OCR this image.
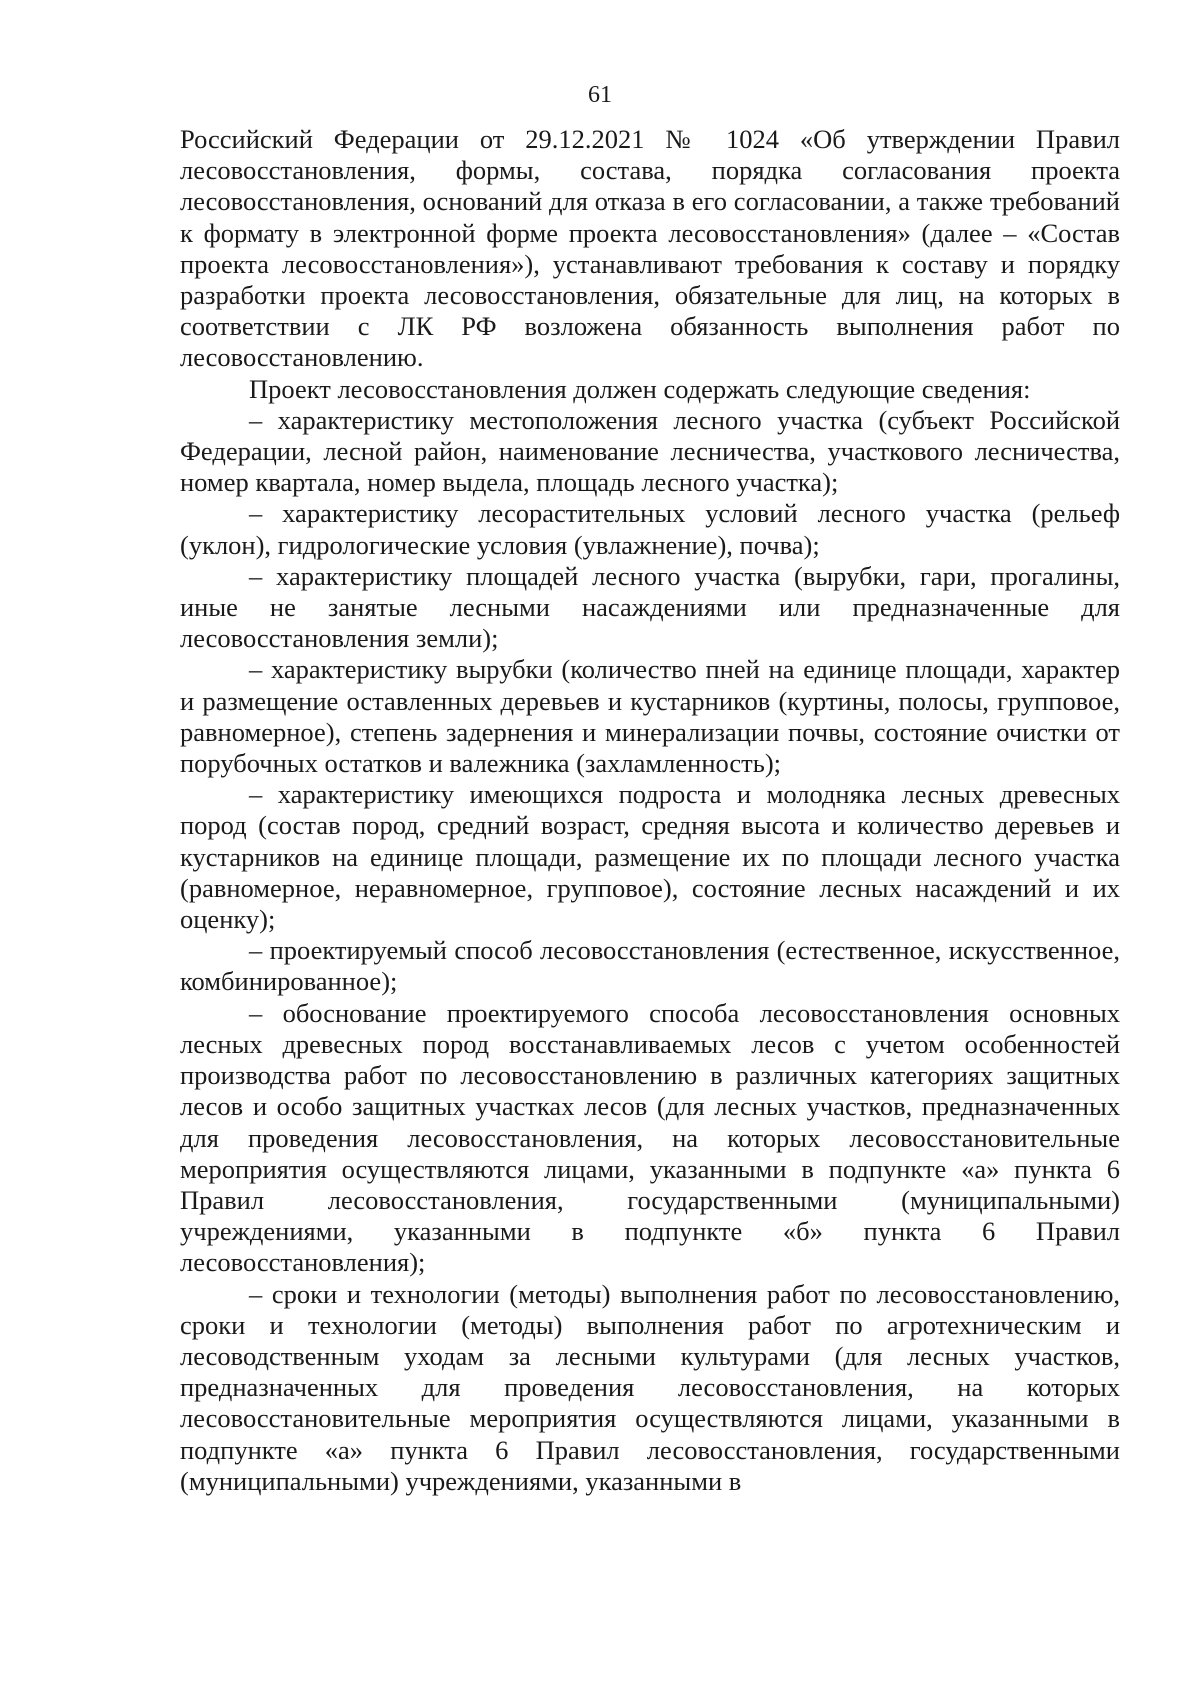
61

Российский Федерации от 29.12.2021 № 1024 «Об утверждении Правил лесовосстановления, формы, состава, порядка согласования проекта лесовосстановления, оснований для отказа в его согласовании, а также требований к формату в электронной форме проекта лесовосстановления» (далее – «Состав проекта лесовосстановления»), устанавливают требования к составу и порядку разработки проекта лесовосстановления, обязательные для лиц, на которых в соответствии с ЛК РФ возложена обязанность выполнения работ по лесовосстановлению.

Проект лесовосстановления должен содержать следующие сведения:

– характеристику местоположения лесного участка (субъект Российской Федерации, лесной район, наименование лесничества, участкового лесничества, номер квартала, номер выдела, площадь лесного участка);

– характеристику лесорастительных условий лесного участка (рельеф (уклон), гидрологические условия (увлажнение), почва);

– характеристику площадей лесного участка (вырубки, гари, прогалины, иные не занятые лесными насаждениями или предназначенные для лесовосстановления земли);

– характеристику вырубки (количество пней на единице площади, характер и размещение оставленных деревьев и кустарников (куртины, полосы, групповое, равномерное), степень задернения и минерализации почвы, состояние очистки от порубочных остатков и валежника (захламленность);

– характеристику имеющихся подроста и молодняка лесных древесных пород (состав пород, средний возраст, средняя высота и количество деревьев и кустарников на единице площади, размещение их по площади лесного участка (равномерное, неравномерное, групповое), состояние лесных насаждений и их оценку);

– проектируемый способ лесовосстановления (естественное, искусственное, комбинированное);

– обоснование проектируемого способа лесовосстановления основных лесных древесных пород восстанавливаемых лесов с учетом особенностей производства работ по лесовосстановлению в различных категориях защитных лесов и особо защитных участках лесов (для лесных участков, предназначенных для проведения лесовосстановления, на которых лесовосстановительные мероприятия осуществляются лицами, указанными в подпункте «а» пункта 6 Правил лесовосстановления, государственными (муниципальными) учреждениями, указанными в подпункте «б» пункта 6 Правил лесовосстановления);

– сроки и технологии (методы) выполнения работ по лесовосстановлению, сроки и технологии (методы) выполнения работ по агротехническим и лесоводственным уходам за лесными культурами (для лесных участков, предназначенных для проведения лесовосстановления, на которых лесовосстановительные мероприятия осуществляются лицами, указанными в подпункте «а» пункта 6 Правил лесовосстановления, государственными (муниципальными) учреждениями, указанными в
